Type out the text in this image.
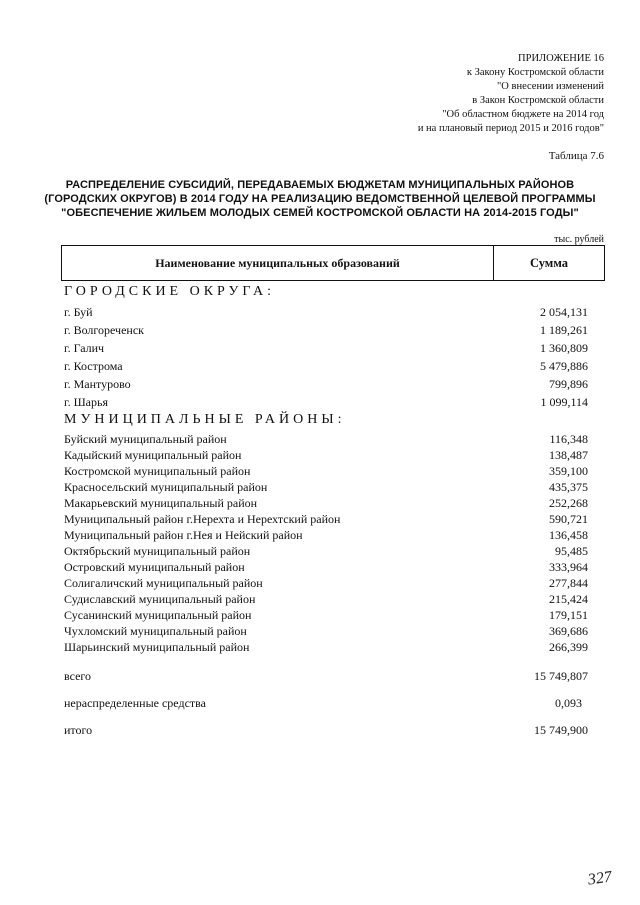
ПРИЛОЖЕНИЕ 16
к Закону Костромской области
"О внесении изменений
в Закон Костромской области
"Об областном бюджете на 2014 год
и на плановый период 2015 и 2016 годов"
Таблица 7.6
РАСПРЕДЕЛЕНИЕ СУБСИДИЙ, ПЕРЕДАВАЕМЫХ БЮДЖЕТАМ МУНИЦИПАЛЬНЫХ РАЙОНОВ
(ГОРОДСКИХ ОКРУГОВ) В 2014 ГОДУ НА РЕАЛИЗАЦИЮ ВЕДОМСТВЕННОЙ ЦЕЛЕВОЙ ПРОГРАММЫ
"ОБЕСПЕЧЕНИЕ ЖИЛЬЕМ МОЛОДЫХ СЕМЕЙ КОСТРОМСКОЙ ОБЛАСТИ НА 2014-2015 ГОДЫ"
тыс. рублей
Наименование муниципальных образований	Сумма
ГОРОДСКИЕ ОКРУГА:
г. Буй	2 054,131
г. Волгореченск	1 189,261
г. Галич	1 360,809
г. Кострома	5 479,886
г. Мантурово	799,896
г. Шарья	1 099,114
МУНИЦИПАЛЬНЫЕ РАЙОНЫ:
Буйский муниципальный район	116,348
Кадыйский муниципальный район	138,487
Костромской муниципальный район	359,100
Красносельский муниципальный район	435,375
Макарьевский муниципальный район	252,268
Муниципальный район г.Нерехта и Нерехтский район	590,721
Муниципальный район г.Нея и Нейский район	136,458
Октябрьский муниципальный район	95,485
Островский муниципальный район	333,964
Солигаличский муниципальный район	277,844
Судиславский муниципальный район	215,424
Сусанинский муниципальный район	179,151
Чухломский муниципальный район	369,686
Шарьинский муниципальный район	266,399
всего	15 749,807
нераспределенные средства	0,093
итого	15 749,900
327
